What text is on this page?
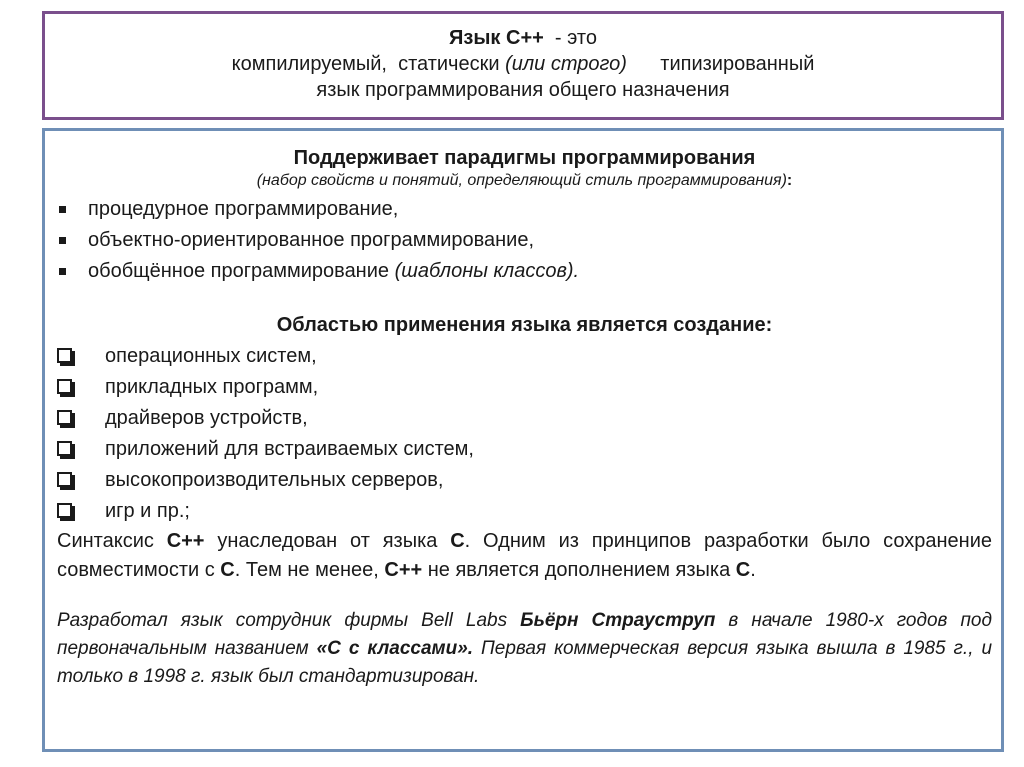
Язык C++  - это
компилируемый,  статически (или строго)      типизированный
язык программирования общего назначения
Поддерживает парадигмы программирования
(набор свойств и понятий, определяющий стиль программирования):
процедурное программирование,
объектно-ориентированное программирование,
обобщённое программирование (шаблоны классов).
Областью применения языка является создание:
операционных систем,
прикладных программ,
драйверов устройств,
приложений для встраиваемых систем,
высокопроизводительных серверов,
игр и пр.;

Синтаксис C++ унаследован от языка C. Одним из принципов разработки было сохранение совместимости с C. Тем не менее, C++ не является дополнением языка C.

Разработал язык сотрудник фирмы Bell Labs Бьёрн Страуструп в начале 1980-х годов под первоначальным названием «C с классами». Первая коммерческая версия языка вышла в 1985 г., и только в 1998 г. язык был стандартизирован.
